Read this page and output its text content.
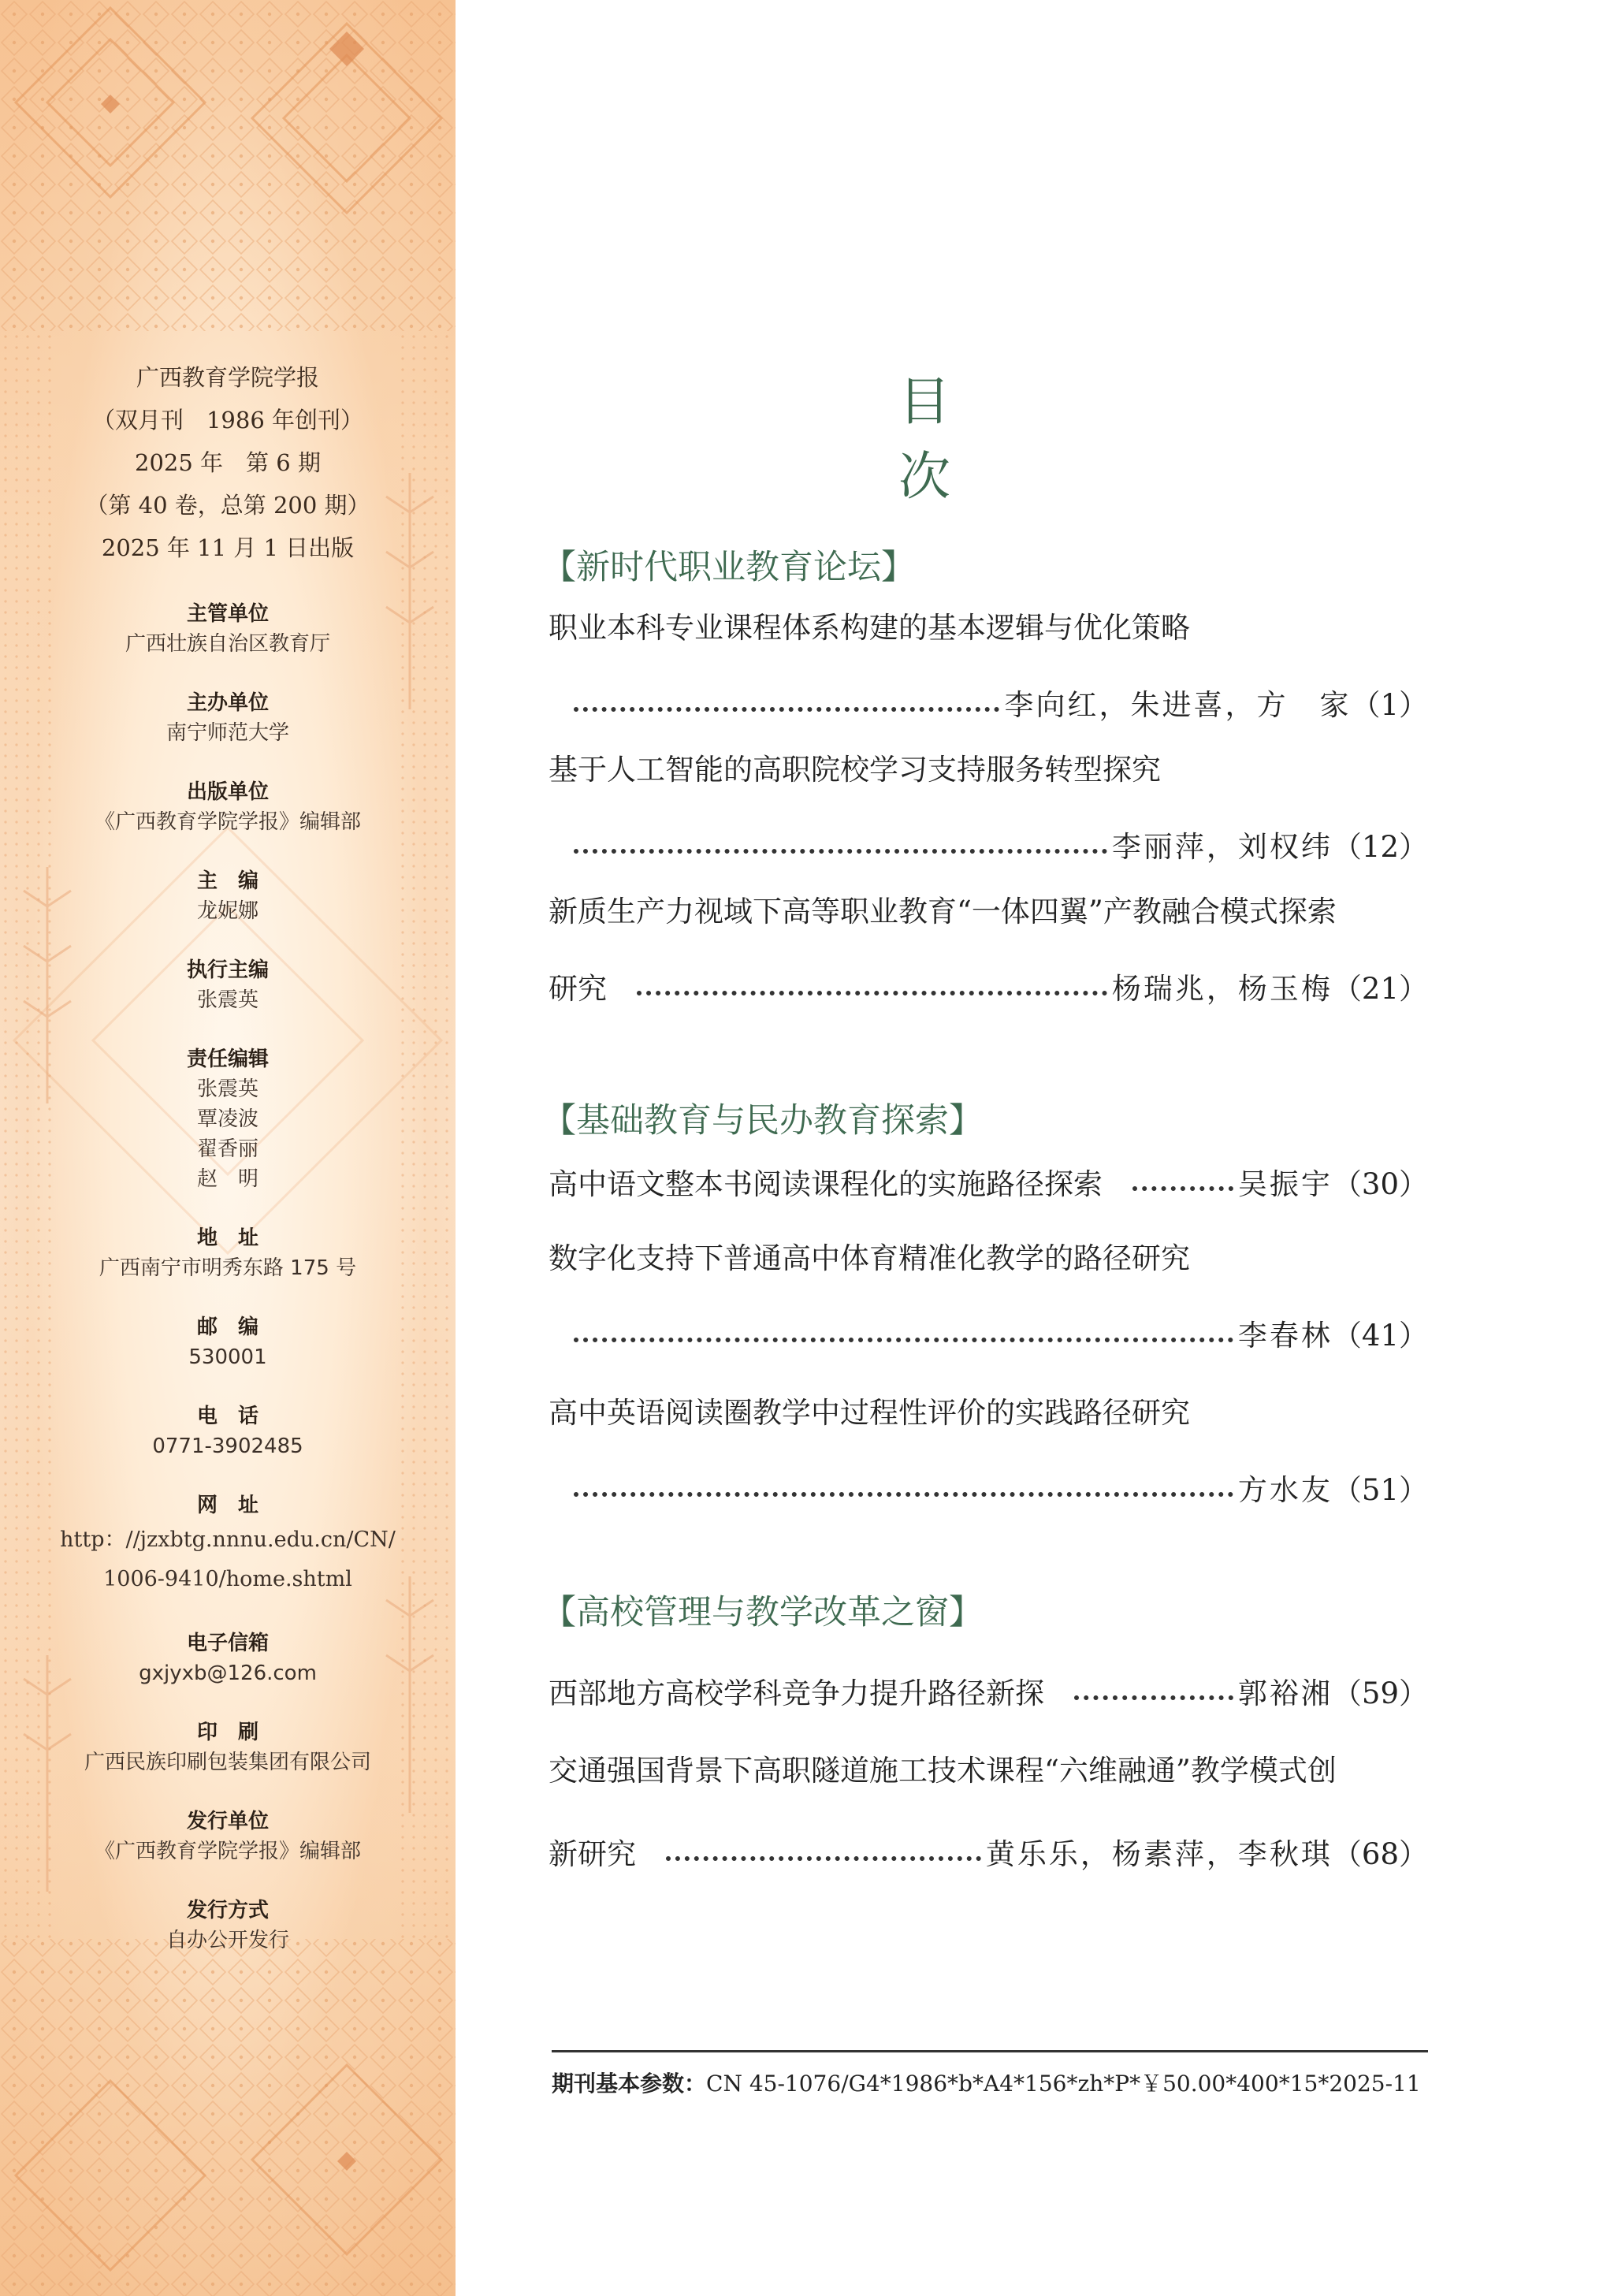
广西教育学院学报
（双月刊　1986 年创刊）
2025 年　第 6 期
（第 40 卷，总第 200 期）
2025 年 11 月 1 日出版
主管单位
广西壮族自治区教育厅
主办单位
南宁师范大学
出版单位
《广西教育学院学报》编辑部
主　编
龙妮娜
执行主编
张震英
责任编辑
张震英
覃凌波
翟香丽
赵　明
地　址
广西南宁市明秀东路 175 号
邮　编
530001
电　话
0771-3902485
网　址
http：//jzxbtg.nnnu.edu.cn/CN/
1006-9410/home.shtml
电子信箱
gxjyxb@126.com
印　刷
广西民族印刷包装集团有限公司
发行单位
《广西教育学院学报》编辑部
发行方式
自办公开发行
目次
【新时代职业教育论坛】
职业本科专业课程体系构建的基本逻辑与优化策略
李向红，朱进喜，方　家 （1）
基于人工智能的高职院校学习支持服务转型探究
李丽萍，刘权纬 （12）
新质生产力视域下高等职业教育“一体四翼”产教融合模式探索
研究	杨瑞兆，杨玉梅 （21）
【基础教育与民办教育探索】
高中语文整本书阅读课程化的实施路径探索	吴振宇 （30）
数字化支持下普通高中体育精准化教学的路径研究
李春林 （41）
高中英语阅读圈教学中过程性评价的实践路径研究
方水友 （51）
【高校管理与教学改革之窗】
西部地方高校学科竞争力提升路径新探	郭裕湘 （59）
交通强国背景下高职隧道施工技术课程“六维融通”教学模式创
新研究	黄乐乐，杨素萍，李秋琪 （68）
期刊基本参数：CN 45-1076/G4*1986*b*A4*156*zh*P*￥50.00*400*15*2025-11
